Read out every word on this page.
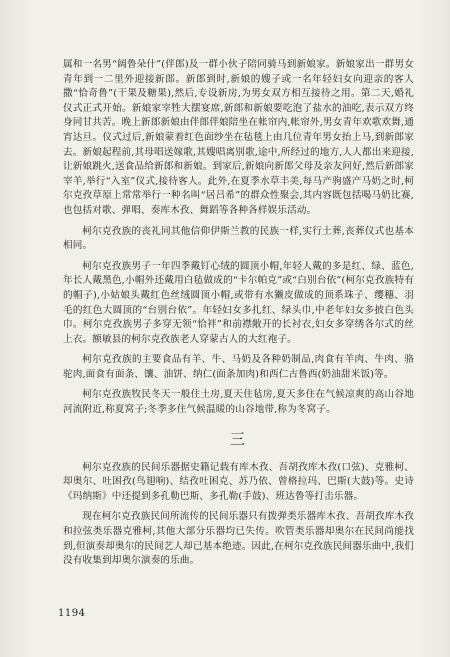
属和一名男“阔鲁朵什”(伴郎)及一群小伙子陪同骑马到新娘家。新娘家出一群男女青年到一二里外迎接新郎。新郎到时,新娘的嫂子或一名年轻妇女向迎亲的客人撒“恰奇鲁”(干果及糖果),然后,专设新房,为男女双方相互接待之用。第二天,婚礼仪式正式开始。新娘家宰牲大摆宴席,新郎和新娘要吃泡了盐水的油吃,表示双方终身同甘共苦。晚上新郎新娘由伴郎伴娘陪坐在帐帘内,帐帘外,男女青年欢歌欢舞,通宵达旦。仪式过后,新娘蒙着红色面纱坐在毡毯上由几位青年男女抬上马,到新郎家去。新娘起程前,其母唱送嫁歌,其嫂唱离别歌,途中,所经过的地方,人人都出来迎接,让新娘跳火,送食品给新郎和新娘。到家后,新娘向新郎父母及亲友问好,然后新郎家宰羊,举行“入室”仪式,接待客人。此外,在夏季水草丰美,每马产驹盛产马奶之时,柯尔克孜草原上常常举行一种名叫“居吕希”的群众性聚会,其内容既包括喝马奶比赛,也包括对歌、弹唱、奏库木孜、舞蹈等各种各样娱乐活动。

柯尔克孜族的丧礼同其他信仰伊斯兰教的民族一样,实行土葬,丧葬仪式也基本相同。

柯尔克孜族男子一年四季戴钉心绒的圆顶小帽,年轻人戴的多是红、绿、蓝色,年长人戴黑色,小帽外还戴用白毡做成的“卡尔帕克”或“白别台依”(柯尔克孜族特有的帽子),小姑娘头戴红色丝绒圆顶小帽,或带有水獭皮做成的顶系珠子、缨穗、羽毛的红色大圆顶的“台别台依”。年轻妇女多扎红、绿头巾,中老年妇女多披白色头巾。柯尔克孜族男子多穿无领“恰袢”和前襟敞开的长衬衣,妇女多穿绣各尔式的丝上衣。额敏县的柯尔克孜族老人穿蒙古人的大红袍子。

柯尔克孜族的主要食品有羊、牛、马奶及各种奶制品,肉食有羊肉、牛肉、骆驼肉,面食有面条、馕、油饼、纳仁(面条加肉)和西仁古鲁西(奶油甜米饭)等。

柯尔克孜族牧民冬天一般住土房,夏天住毡房,夏天多住在气候凉爽的高山谷地河流附近,称夏窝子;冬季多住气候温暖的山谷地带,称为冬窝子。

三

柯尔克孜族的民间乐器据史籍记载有库木孜、吾胡孜库木孜(口弦)、克雅柯、却奥尔、吐困孜(鸟翅响)、结孜吐困克、苏乃依、曾格拉玛、巴斯(大鼓)等。史诗《玛纳斯》中还提到多孔勒巴斯、多孔勒(手鼓)、班达鲁等打击乐器。

现在柯尔克孜族民间所流传的民间乐器只有拨弹类乐器库木孜、吾胡孜库木孜和拉弦类乐器克雅柯,其他大部分乐器均已失传。吹管类乐器却奥尔在民间尚能找到,但演奏却奥尔的民间艺人却已基本绝迹。因此,在柯尔克孜族民间器乐曲中,我们没有收集到却奥尔演奏的乐曲。

1194
